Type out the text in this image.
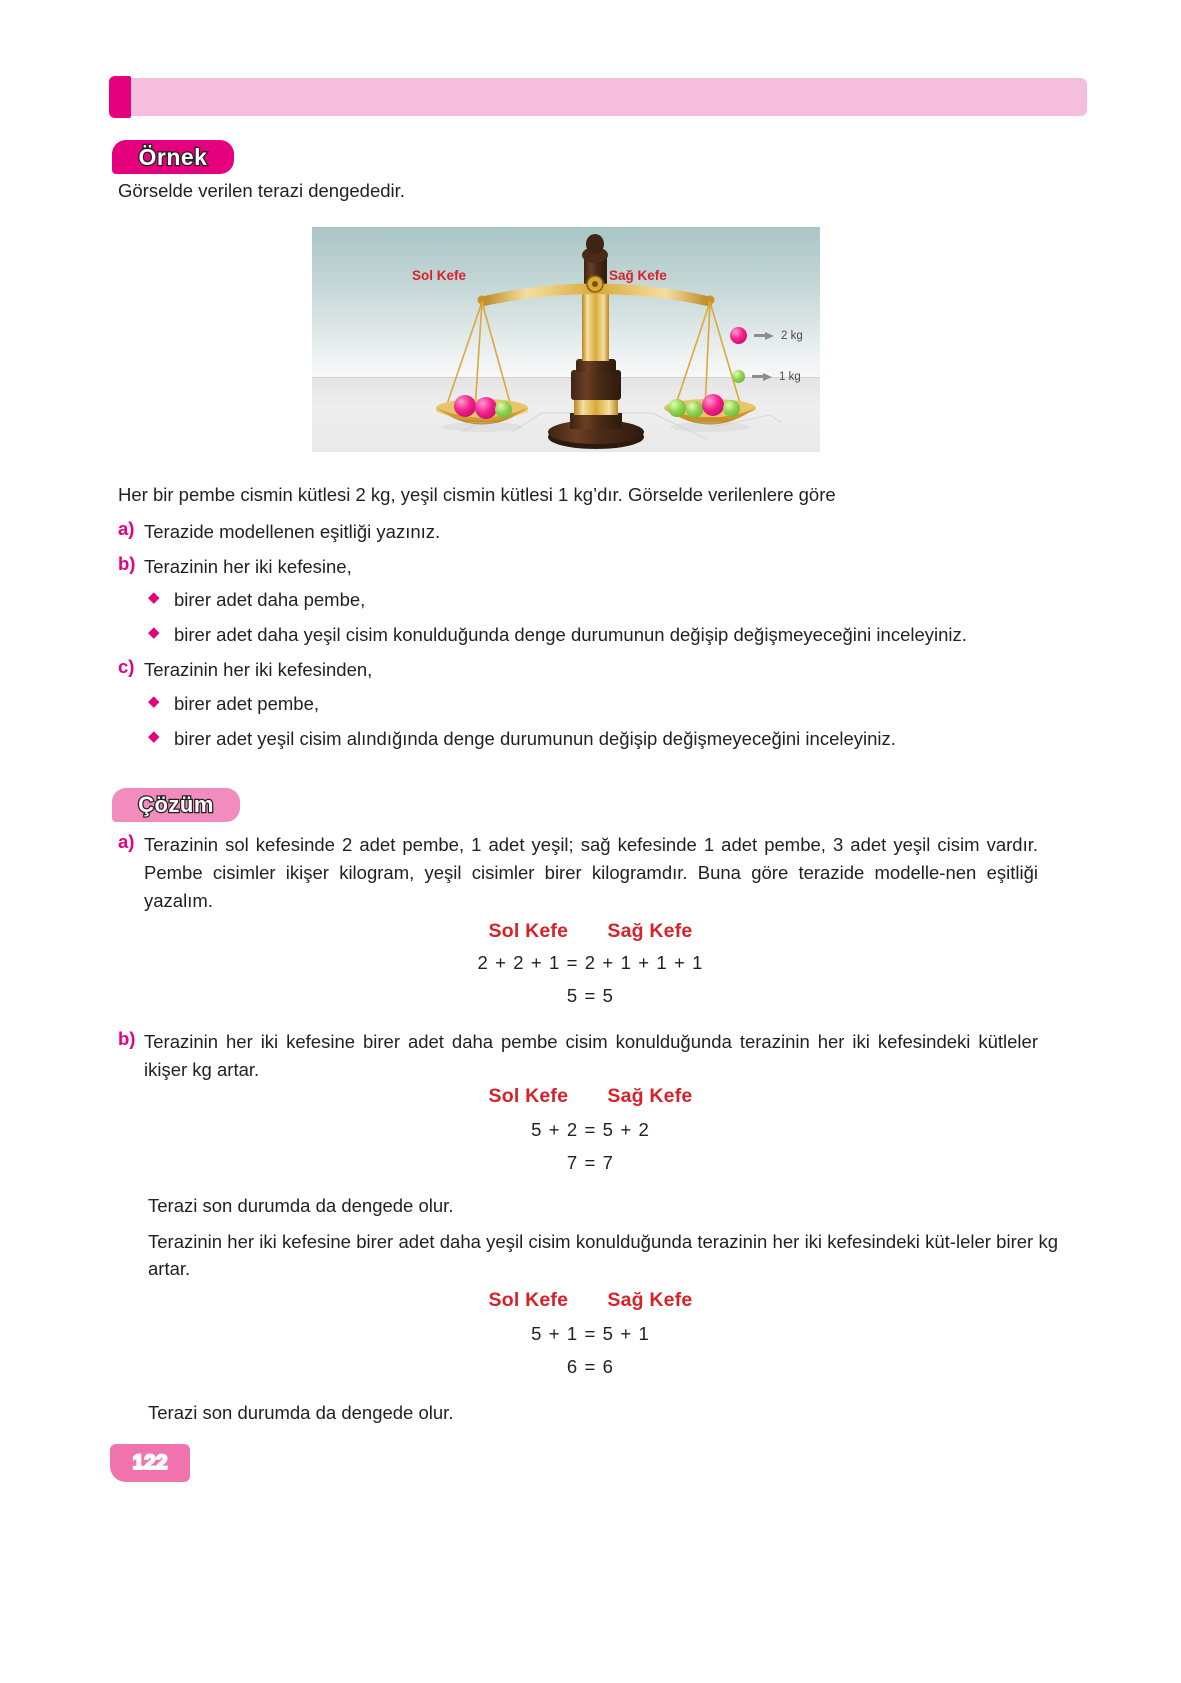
Örnek
Görselde verilen terazi dengededir.
Sol Kefe	Sağ Kefe
2 kg
1 kg
Her bir pembe cismin kütlesi 2 kg, yeşil cismin kütlesi 1 kg’dır. Görselde verilenlere göre
a) Terazide modellenen eşitliği yazınız.
b) Terazinin her iki kefesine,
◆ birer adet daha pembe,
◆ birer adet daha yeşil cisim konulduğunda denge durumunun değişip değişmeyeceğini inceleyiniz.
c) Terazinin her iki kefesinden,
◆ birer adet pembe,
◆ birer adet yeşil cisim alındığında denge durumunun değişip değişmeyeceğini inceleyiniz.
Çözüm
a) Terazinin sol kefesinde 2 adet pembe, 1 adet yeşil; sağ kefesinde 1 adet pembe, 3 adet yeşil cisim vardır. Pembe cisimler ikişer kilogram, yeşil cisimler birer kilogramdır. Buna göre terazide modelle-nen eşitliği yazalım.
Sol Kefe Sağ Kefe
2 + 2 + 1 = 2 + 1 + 1 + 1
5 = 5
b) Terazinin her iki kefesine birer adet daha pembe cisim konulduğunda terazinin her iki kefesindeki kütleler ikişer kg artar.
Sol Kefe Sağ Kefe
5 + 2 = 5 + 2
7 = 7
Terazi son durumda da dengede olur.
Terazinin her iki kefesine birer adet daha yeşil cisim konulduğunda terazinin her iki kefesindeki küt-leler birer kg artar.
Sol Kefe Sağ Kefe
5 + 1 = 5 + 1
6 = 6
Terazi son durumda da dengede olur.
122
